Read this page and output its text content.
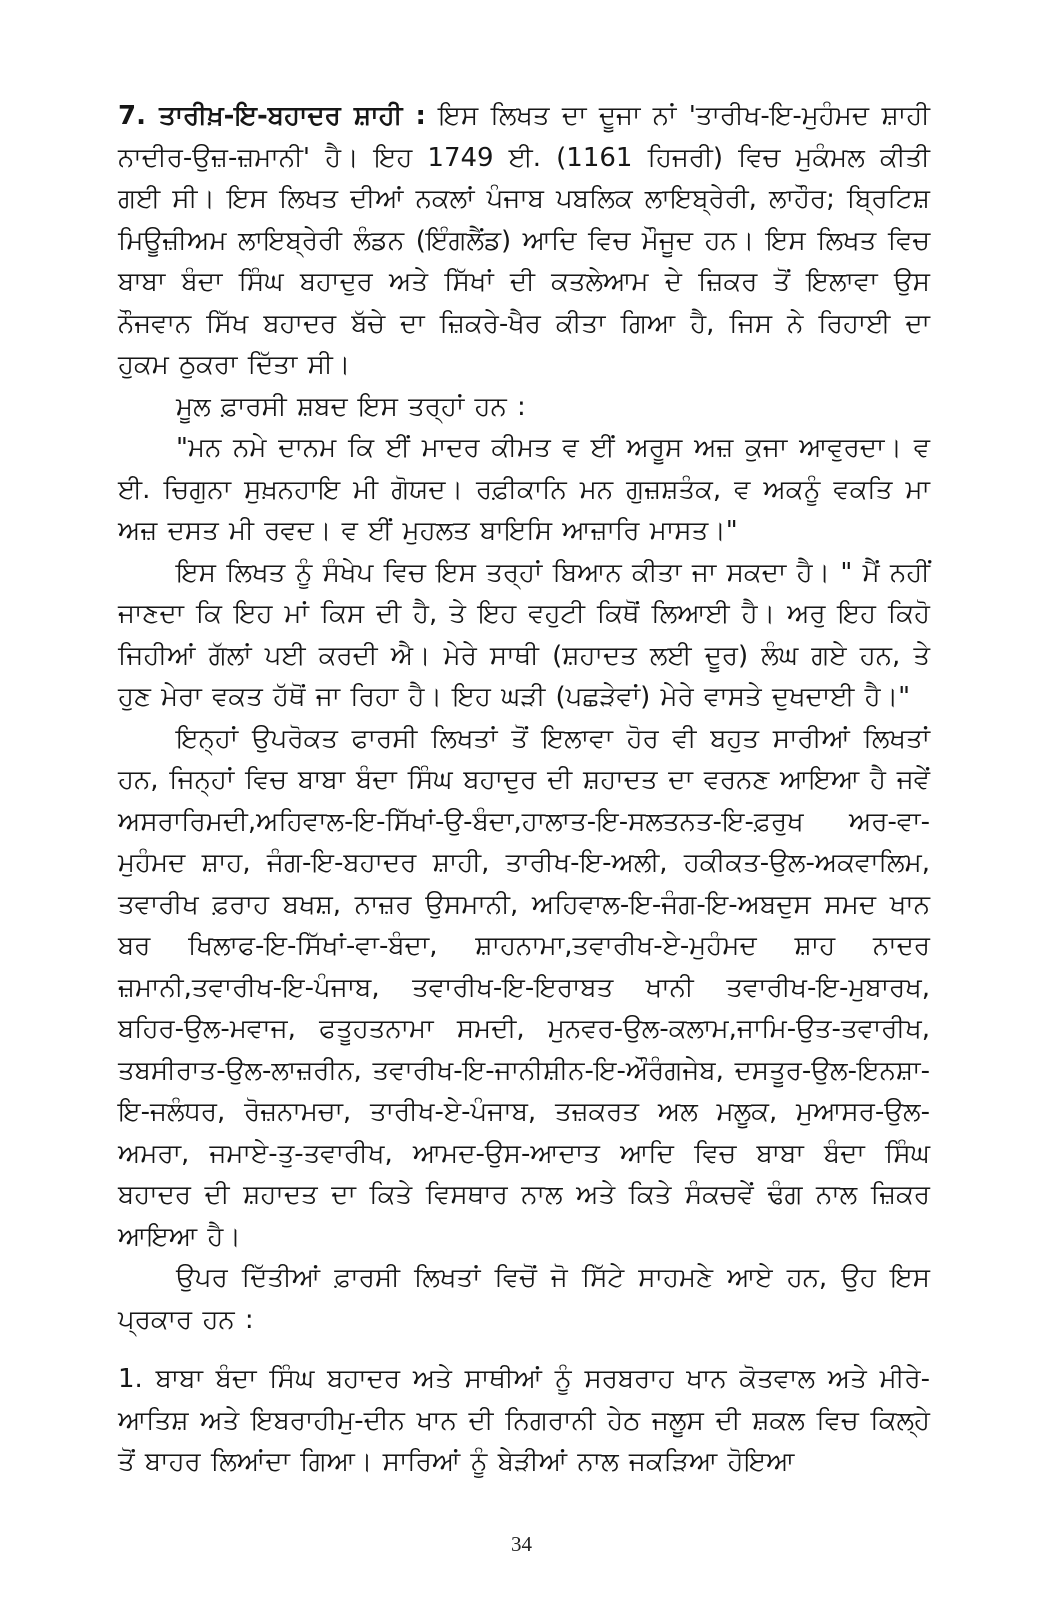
7. ਤਾਰੀਖ਼-ਇ-ਬਹਾਦਰ ਸ਼ਾਹੀ : ਇਸ ਲਿਖਤ ਦਾ ਦੂਜਾ ਨਾਂ 'ਤਾਰੀਖ-ਇ-ਮੁਹੰਮਦ ਸ਼ਾਹੀ ਨਾਦੀਰ-ਉਜ਼-ਜ਼ਮਾਨੀ' ਹੈ। ਇਹ 1749 ਈ. (1161 ਹਿਜਰੀ) ਵਿਚ ਮੁਕੰਮਲ ਕੀਤੀ ਗਈ ਸੀ। ਇਸ ਲਿਖਤ ਦੀਆਂ ਨਕਲਾਂ ਪੰਜਾਬ ਪਬਲਿਕ ਲਾਇਬ੍ਰੇਰੀ, ਲਾਹੌਰ; ਬ੍ਰਿਟਿਸ਼ ਮਿਊਜ਼ੀਅਮ ਲਾਇਬ੍ਰੇਰੀ ਲੰਡਨ (ਇੰਗਲੈਂਡ) ਆਦਿ ਵਿਚ ਮੌਜੂਦ ਹਨ। ਇਸ ਲਿਖਤ ਵਿਚ ਬਾਬਾ ਬੰਦਾ ਸਿੰਘ ਬਹਾਦੁਰ ਅਤੇ ਸਿੱਖਾਂ ਦੀ ਕਤਲੇਆਮ ਦੇ ਜ਼ਿਕਰ ਤੋਂ ਇਲਾਵਾ ਉਸ ਨੌਜਵਾਨ ਸਿੱਖ ਬਹਾਦਰ ਬੱਚੇ ਦਾ ਜ਼ਿਕਰੇ-ਖੈਰ ਕੀਤਾ ਗਿਆ ਹੈ, ਜਿਸ ਨੇ ਰਿਹਾਈ ਦਾ ਹੁਕਮ ਠੁਕਰਾ ਦਿੱਤਾ ਸੀ।

ਮੂਲ ਫ਼ਾਰਸੀ ਸ਼ਬਦ ਇਸ ਤਰ੍ਹਾਂ ਹਨ :

"ਮਨ ਨਮੇ ਦਾਨਮ ਕਿ ਈਂ ਮਾਦਰ ਕੀਮਤ ਵ ਈਂ ਅਰੂਸ ਅਜ਼ ਕੁਜਾ ਆਵੁਰਦਾ। ਵ ਈ. ਚਿਗੁਨਾ ਸੁਖ਼ਨਹਾਇ ਮੀ ਗੋਯਦ। ਰਫ਼ੀਕਾਨਿ ਮਨ ਗੁਜ਼ਸ਼ਤੰਕ, ਵ ਅਕਨੂੰ ਵਕਤਿ ਮਾ ਅਜ਼ ਦਸਤ ਮੀ ਰਵਦ। ਵ ਈਂ ਮੁਹਲਤ ਬਾਇਸਿ ਆਜ਼ਾਰਿ ਮਾਸਤ।"

ਇਸ ਲਿਖਤ ਨੂੰ ਸੰਖੇਪ ਵਿਚ ਇਸ ਤਰ੍ਹਾਂ ਬਿਆਨ ਕੀਤਾ ਜਾ ਸਕਦਾ ਹੈ। " ਮੈਂ ਨਹੀਂ ਜਾਣਦਾ ਕਿ ਇਹ ਮਾਂ ਕਿਸ ਦੀ ਹੈ, ਤੇ ਇਹ ਵਹੁਟੀ ਕਿਥੋਂ ਲਿਆਈ ਹੈ। ਅਰੁ ਇਹ ਕਿਹੋ ਜਿਹੀਆਂ ਗੱਲਾਂ ਪਈ ਕਰਦੀ ਐ। ਮੇਰੇ ਸਾਥੀ (ਸ਼ਹਾਦਤ ਲਈ ਦੂਰ) ਲੰਘ ਗਏ ਹਨ, ਤੇ ਹੁਣ ਮੇਰਾ ਵਕਤ ਹੱਥੋਂ ਜਾ ਰਿਹਾ ਹੈ। ਇਹ ਘੜੀ (ਪਛੜੇਵਾਂ) ਮੇਰੇ ਵਾਸਤੇ ਦੁਖਦਾਈ ਹੈ।"

ਇਨ੍ਹਾਂ ਉਪਰੋਕਤ ਫਾਰਸੀ ਲਿਖਤਾਂ ਤੋਂ ਇਲਾਵਾ ਹੋਰ ਵੀ ਬਹੁਤ ਸਾਰੀਆਂ ਲਿਖਤਾਂ ਹਨ, ਜਿਨ੍ਹਾਂ ਵਿਚ ਬਾਬਾ ਬੰਦਾ ਸਿੰਘ ਬਹਾਦੁਰ ਦੀ ਸ਼ਹਾਦਤ ਦਾ ਵਰਨਣ ਆਇਆ ਹੈ ਜਵੇਂ ਅਸਰਾਰਿਮਦੀ,ਅਹਿਵਾਲ-ਇ-ਸਿੱਖਾਂ-ਉ-ਬੰਦਾ,ਹਾਲਾਤ-ਇ-ਸਲਤਨਤ-ਇ-ਫ਼ਰੁਖ ਅਰ-ਵਾ-ਮੁਹੰਮਦ ਸ਼ਾਹ, ਜੰਗ-ਇ-ਬਹਾਦਰ ਸ਼ਾਹੀ, ਤਾਰੀਖ-ਇ-ਅਲੀ, ਹਕੀਕਤ-ਉਲ-ਅਕਵਾਲਿਮ, ਤਵਾਰੀਖ ਫ਼ਰਾਹ ਬਖਸ਼, ਨਾਜ਼ਰ ਉਸਮਾਨੀ, ਅਹਿਵਾਲ-ਇ-ਜੰਗ-ਇ-ਅਬਦੁਸ ਸਮਦ ਖਾਨ ਬਰ ਖਿਲਾਫ-ਇ-ਸਿੱਖਾਂ-ਵਾ-ਬੰਦਾ, ਸ਼ਾਹਨਾਮਾ,ਤਵਾਰੀਖ-ਏ-ਮੁਹੰਮਦ ਸ਼ਾਹ ਨਾਦਰ ਜ਼ਮਾਨੀ,ਤਵਾਰੀਖ-ਇ-ਪੰਜਾਬ, ਤਵਾਰੀਖ-ਇ-ਇਰਾਬਤ ਖਾਨੀ ਤਵਾਰੀਖ-ਇ-ਮੁਬਾਰਖ, ਬਹਿਰ-ਉਲ-ਮਵਾਜ, ਫਤੂਹਤਨਾਮਾ ਸਮਦੀ, ਮੁਨਵਰ-ਉਲ-ਕਲਾਮ,ਜਾਮਿ-ਉਤ-ਤਵਾਰੀਖ, ਤਬਸੀਰਾਤ-ਉਲ-ਲਾਜ਼ਰੀਨ, ਤਵਾਰੀਖ-ਇ-ਜਾਨੀਸ਼ੀਨ-ਇ-ਔਰੰਗਜੇਬ, ਦਸਤੂਰ-ਉਲ-ਇਨਸ਼ਾ-ਇ-ਜਲੰਧਰ, ਰੋਜ਼ਨਾਮਚਾ, ਤਾਰੀਖ-ਏ-ਪੰਜਾਬ, ਤਜ਼ਕਰਤ ਅਲ ਮਲੂਕ, ਮੁਆਸਰ-ਉਲ-ਅਮਰਾ, ਜਮਾਏ-ਤੁ-ਤਵਾਰੀਖ, ਆਮਦ-ਉਸ-ਆਦਾਤ ਆਦਿ ਵਿਚ ਬਾਬਾ ਬੰਦਾ ਸਿੰਘ ਬਹਾਦਰ ਦੀ ਸ਼ਹਾਦਤ ਦਾ ਕਿਤੇ ਵਿਸਥਾਰ ਨਾਲ ਅਤੇ ਕਿਤੇ ਸੰਕਚਵੇਂ ਢੰਗ ਨਾਲ ਜ਼ਿਕਰ ਆਇਆ ਹੈ।

ਉਪਰ ਦਿੱਤੀਆਂ ਫ਼ਾਰਸੀ ਲਿਖਤਾਂ ਵਿਚੋਂ ਜੋ ਸਿੱਟੇ ਸਾਹਮਣੇ ਆਏ ਹਨ, ਉਹ ਇਸ ਪ੍ਰਕਾਰ ਹਨ :

1. ਬਾਬਾ ਬੰਦਾ ਸਿੰਘ ਬਹਾਦਰ ਅਤੇ ਸਾਥੀਆਂ ਨੂੰ ਸਰਬਰਾਹ ਖਾਨ ਕੋਤਵਾਲ ਅਤੇ ਮੀਰੇ-ਆਤਿਸ਼ ਅਤੇ ਇਬਰਾਹੀਮੁ-ਦੀਨ ਖਾਨ ਦੀ ਨਿਗਰਾਨੀ ਹੇਠ ਜਲੂਸ ਦੀ ਸ਼ਕਲ ਵਿਚ ਕਿਲ੍ਹੇ ਤੋਂ ਬਾਹਰ ਲਿਆਂਦਾ ਗਿਆ। ਸਾਰਿਆਂ ਨੂੰ ਬੇੜੀਆਂ ਨਾਲ ਜਕੜਿਆ ਹੋਇਆ

34
